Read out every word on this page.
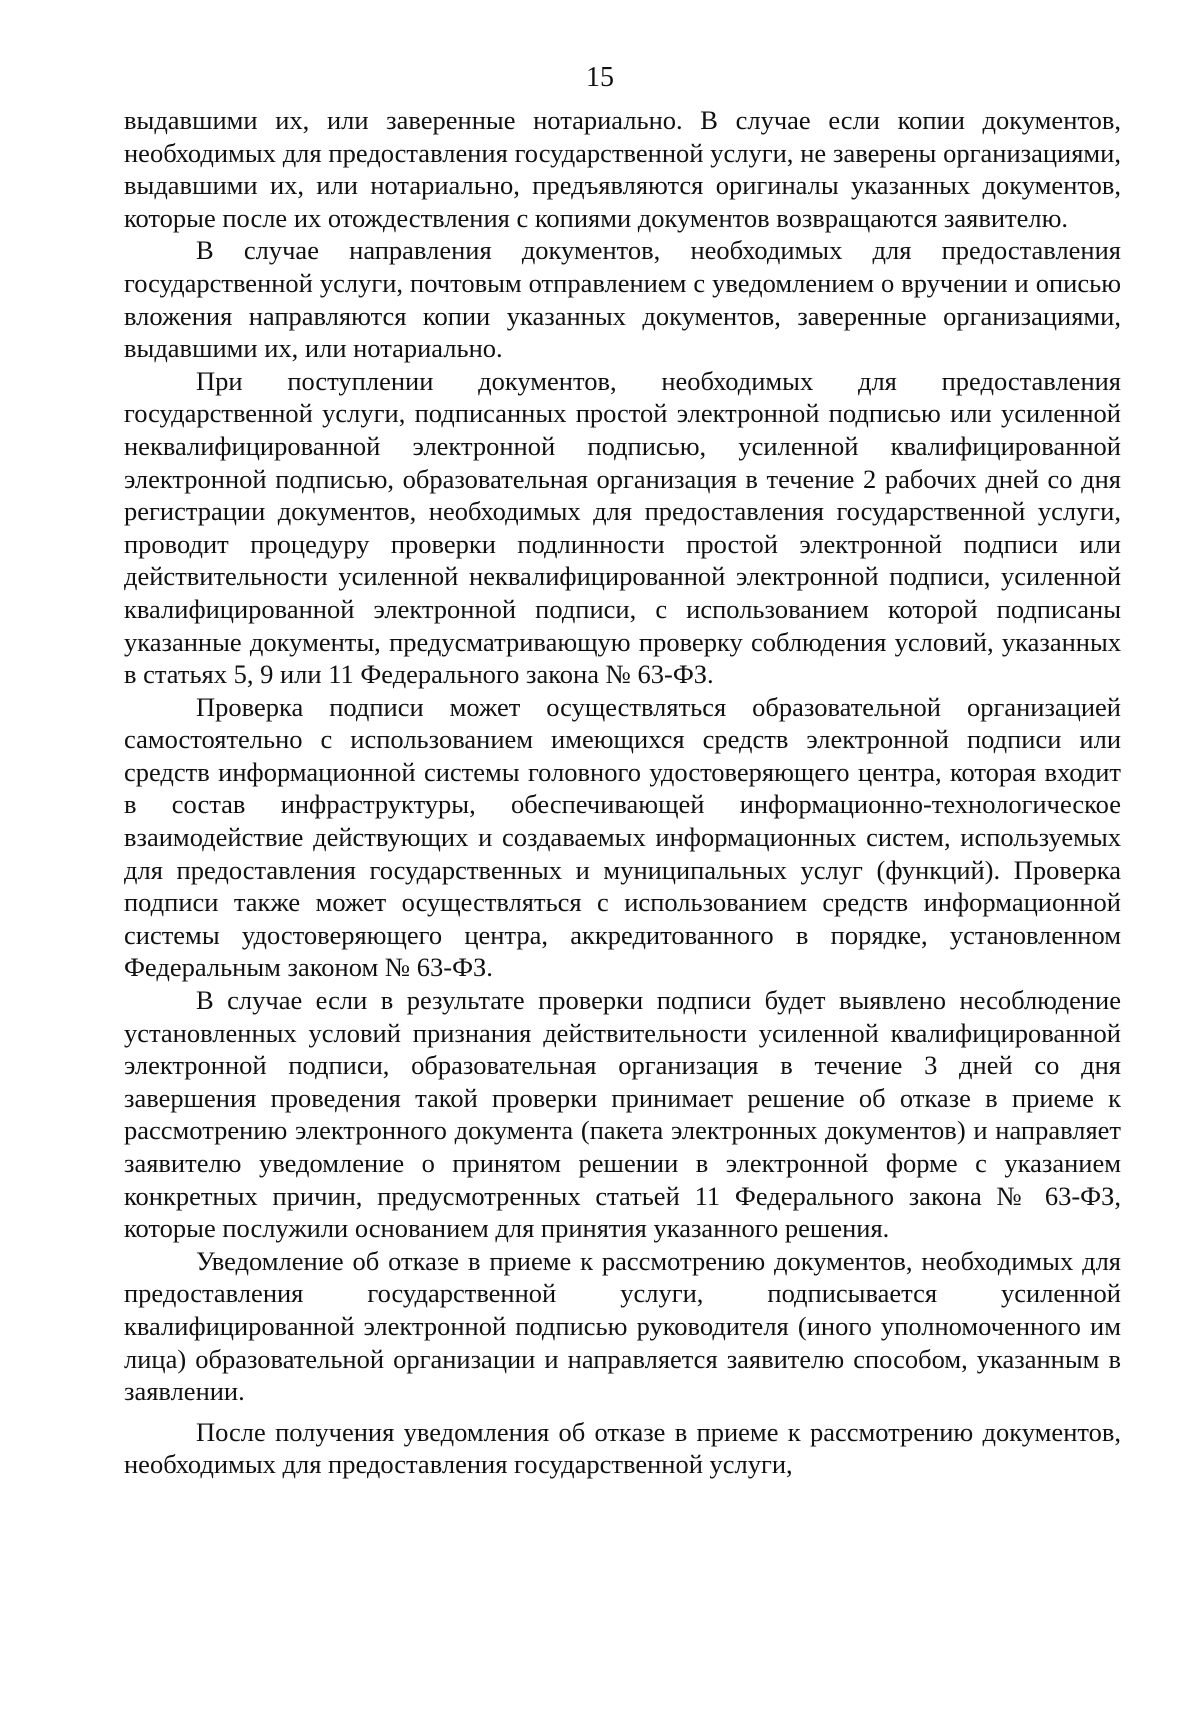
15

выдавшими их, или заверенные нотариально. В случае если копии документов, необходимых для предоставления государственной услуги, не заверены организациями, выдавшими их, или нотариально, предъявляются оригиналы указанных документов, которые после их отождествления с копиями документов возвращаются заявителю.

В случае направления документов, необходимых для предоставления государственной услуги, почтовым отправлением с уведомлением о вручении и описью вложения направляются копии указанных документов, заверенные организациями, выдавшими их, или нотариально.

При поступлении документов, необходимых для предоставления государственной услуги, подписанных простой электронной подписью или усиленной неквалифицированной электронной подписью, усиленной квалифицированной электронной подписью, образовательная организация в течение 2 рабочих дней со дня регистрации документов, необходимых для предоставления государственной услуги, проводит процедуру проверки подлинности простой электронной подписи или действительности усиленной неквалифицированной электронной подписи, усиленной квалифицированной электронной подписи, с использованием которой подписаны указанные документы, предусматривающую проверку соблюдения условий, указанных в статьях 5, 9 или 11 Федерального закона № 63-ФЗ.

Проверка подписи может осуществляться образовательной организацией самостоятельно с использованием имеющихся средств электронной подписи или средств информационной системы головного удостоверяющего центра, которая входит в состав инфраструктуры, обеспечивающей информационно-технологическое взаимодействие действующих и создаваемых информационных систем, используемых для предоставления государственных и муниципальных услуг (функций). Проверка подписи также может осуществляться с использованием средств информационной системы удостоверяющего центра, аккредитованного в порядке, установленном Федеральным законом № 63-ФЗ.

В случае если в результате проверки подписи будет выявлено несоблюдение установленных условий признания действительности усиленной квалифицированной электронной подписи, образовательная организация в течение 3 дней со дня завершения проведения такой проверки принимает решение об отказе в приеме к рассмотрению электронного документа (пакета электронных документов) и направляет заявителю уведомление о принятом решении в электронной форме с указанием конкретных причин, предусмотренных статьей 11 Федерального закона № 63-ФЗ, которые послужили основанием для принятия указанного решения.

Уведомление об отказе в приеме к рассмотрению документов, необходимых для предоставления государственной услуги, подписывается усиленной квалифицированной электронной подписью руководителя (иного уполномоченного им лица) образовательной организации и направляется заявителю способом, указанным в заявлении.

После получения уведомления об отказе в приеме к рассмотрению документов, необходимых для предоставления государственной услуги,
